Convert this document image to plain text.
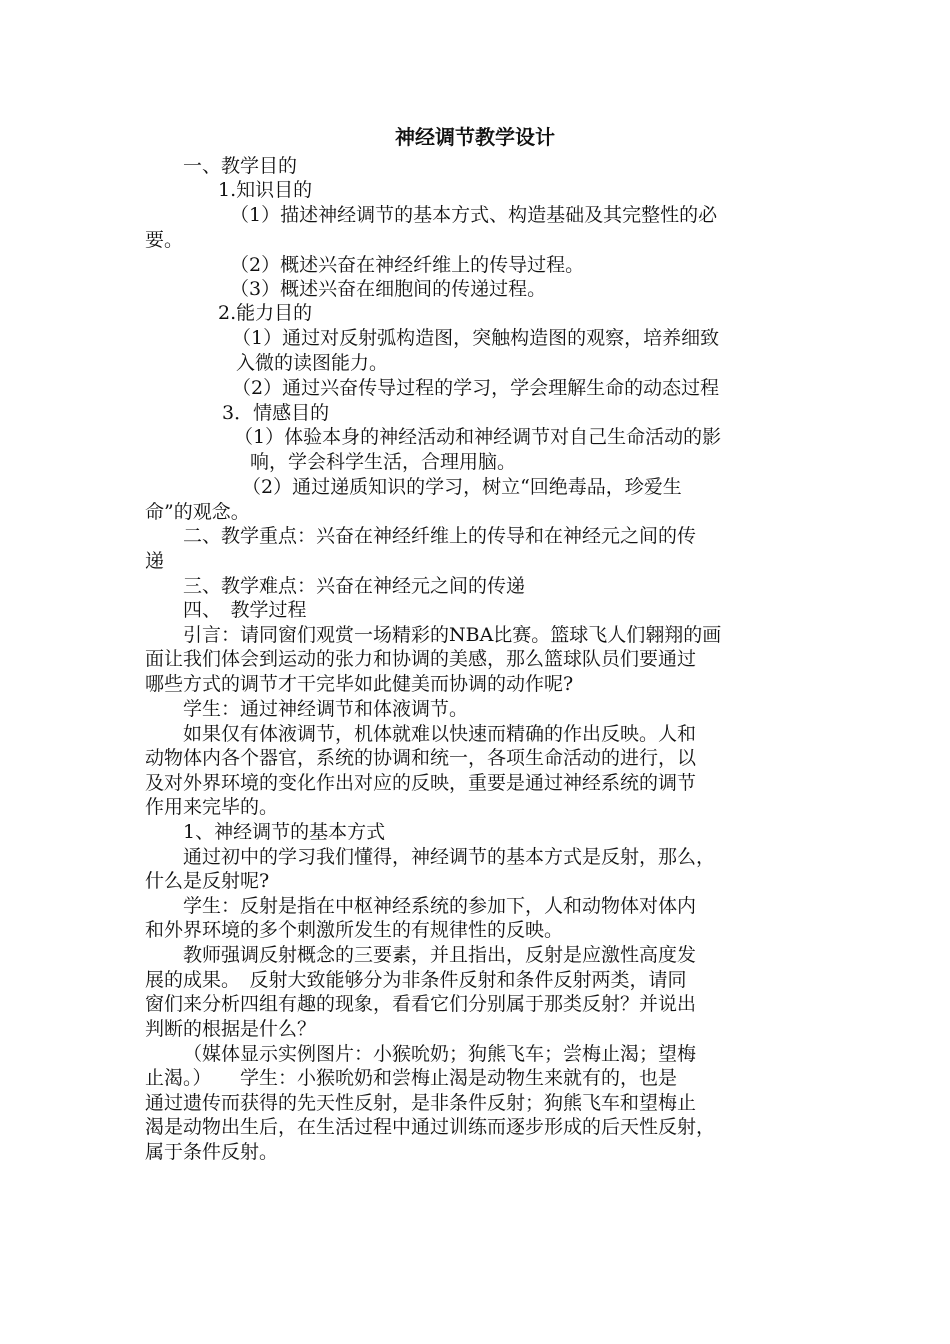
神经调节教学设计
一、教学目的
1.知识目的
（1）描述神经调节的基本方式、构造基础及其完整性的必
要。
（2）概述兴奋在神经纤维上的传导过程。
（3）概述兴奋在细胞间的传递过程。
2.能力目的
（1）通过对反射弧构造图，突触构造图的观察，培养细致
入微的读图能力。
（2）通过兴奋传导过程的学习，学会理解生命的动态过程
3．情感目的
（1）体验本身的神经活动和神经调节对自己生命活动的影
响，学会科学生活，合理用脑。
（2）通过递质知识的学习，树立“回绝毒品，珍爱生
命”的观念。
二、教学重点：兴奋在神经纤维上的传导和在神经元之间的传
递
三、教学难点：兴奋在神经元之间的传递
四、　教学过程
引言：请同窗们观赏一场精彩的NBA比赛。篮球飞人们翱翔的画
面让我们体会到运动的张力和协调的美感，那么篮球队员们要通过
哪些方式的调节才干完毕如此健美而协调的动作呢?
学生：通过神经调节和体液调节。
如果仅有体液调节，机体就难以快速而精确的作出反映。人和
动物体内各个器官，系统的协调和统一，各项生命活动的进行，以
及对外界环境的变化作出对应的反映，重要是通过神经系统的调节
作用来完毕的。
1、神经调节的基本方式
通过初中的学习我们懂得，神经调节的基本方式是反射，那么，
什么是反射呢?
学生：反射是指在中枢神经系统的参加下，人和动物体对体内
和外界环境的多个刺激所发生的有规律性的反映。
教师强调反射概念的三要素，并且指出，反射是应激性高度发
展的成果。　反射大致能够分为非条件反射和条件反射两类，请同
窗们来分析四组有趣的现象，看看它们分别属于那类反射？并说出
判断的根据是什么？
（媒体显示实例图片：小猴吮奶；狗熊飞车；尝梅止渴；望梅
止渴。）　　学生：小猴吮奶和尝梅止渴是动物生来就有的，也是
通过遗传而获得的先天性反射，是非条件反射；狗熊飞车和望梅止
渴是动物出生后，在生活过程中通过训练而逐步形成的后天性反射，
属于条件反射。
